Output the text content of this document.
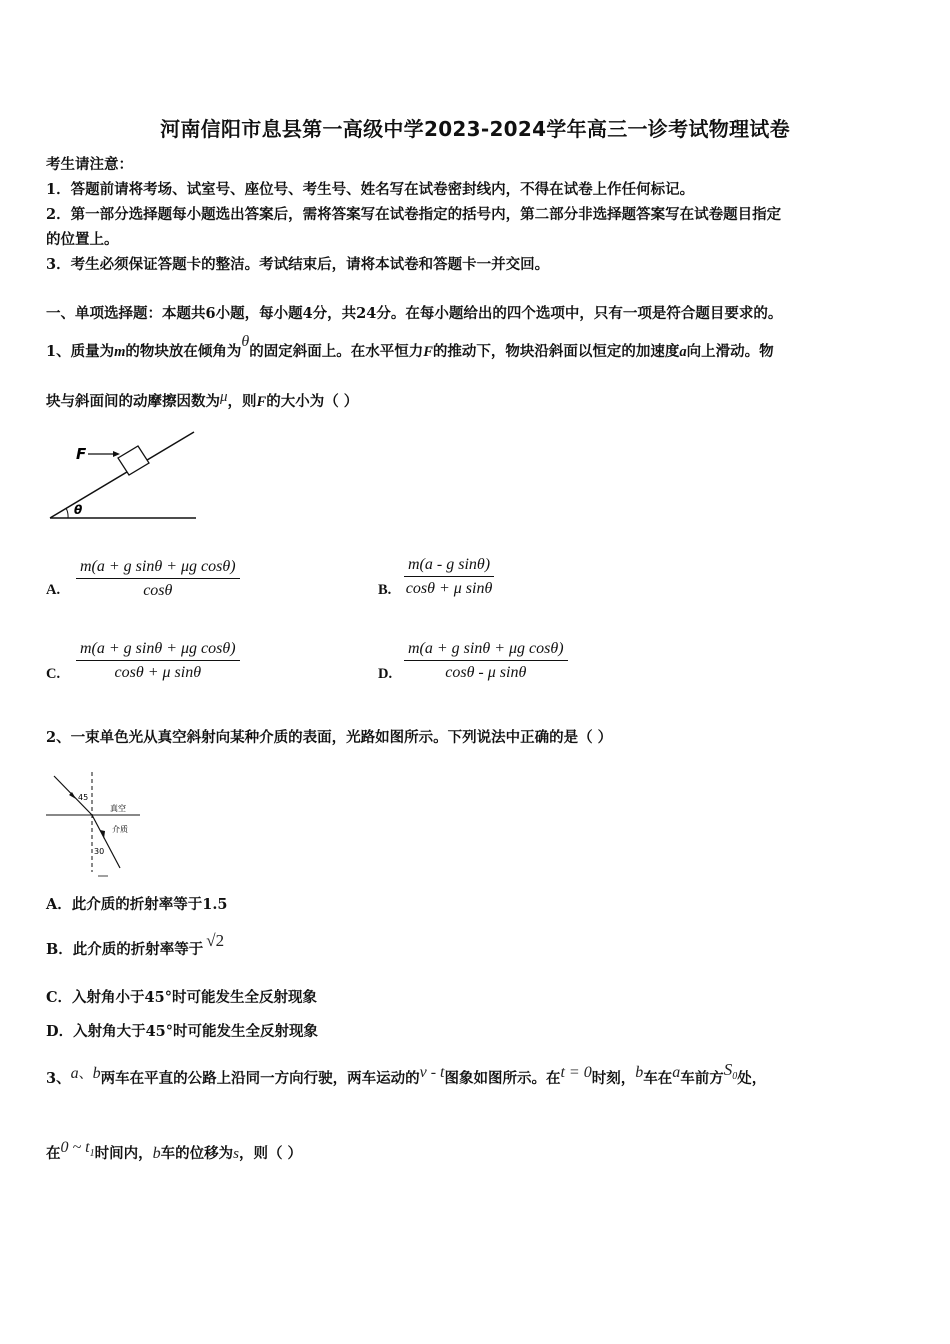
河南信阳市息县第一高级中学2023-2024学年高三一诊考试物理试卷
考生请注意：
1．答题前请将考场、试室号、座位号、考生号、姓名写在试卷密封线内，不得在试卷上作任何标记。
2．第一部分选择题每小题选出答案后，需将答案写在试卷指定的括号内，第二部分非选择题答案写在试卷题目指定
的位置上。
3．考生必须保证答题卡的整洁。考试结束后，请将本试卷和答题卡一并交回。
一、单项选择题：本题共6小题，每小题4分，共24分。在每小题给出的四个选项中，只有一项是符合题目要求的。
1、质量为m的物块放在倾角为θ的固定斜面上。在水平恒力F的推动下，物块沿斜面以恒定的加速度a向上滑动。物
块与斜面间的动摩擦因数为μ，则F的大小为（ ）
F
θ
A. $\frac{\text{m(a + g sinθ + μg cosθ)}}{\cos\theta}$	B. $\frac{\text{m(a - g sinθ)}}{\text{cosθ + μ sinθ}}$
C. $\frac{\text{m(a + g sinθ + μg cosθ)}}{\text{cosθ + μ sinθ}}$	D. $\frac{\text{m(a + g sinθ + μg cosθ)}}{\text{cosθ - μ sinθ}}$
2、一束单色光从真空斜射向某种介质的表面，光路如图所示。下列说法中正确的是（ ）
45
真空
介质
30
A．此介质的折射率等于1.5
B．此介质的折射率等于 √2
C．入射角小于45°时可能发生全反射现象
D．入射角大于45°时可能发生全反射现象
3、a、b两车在平直的公路上沿同一方向行驶，两车运动的v - t图象如图所示。在t = 0时刻，b车在a车前方$S^0$处，
在0 ~ t1时间内，b车的位移为s，则（ ）
